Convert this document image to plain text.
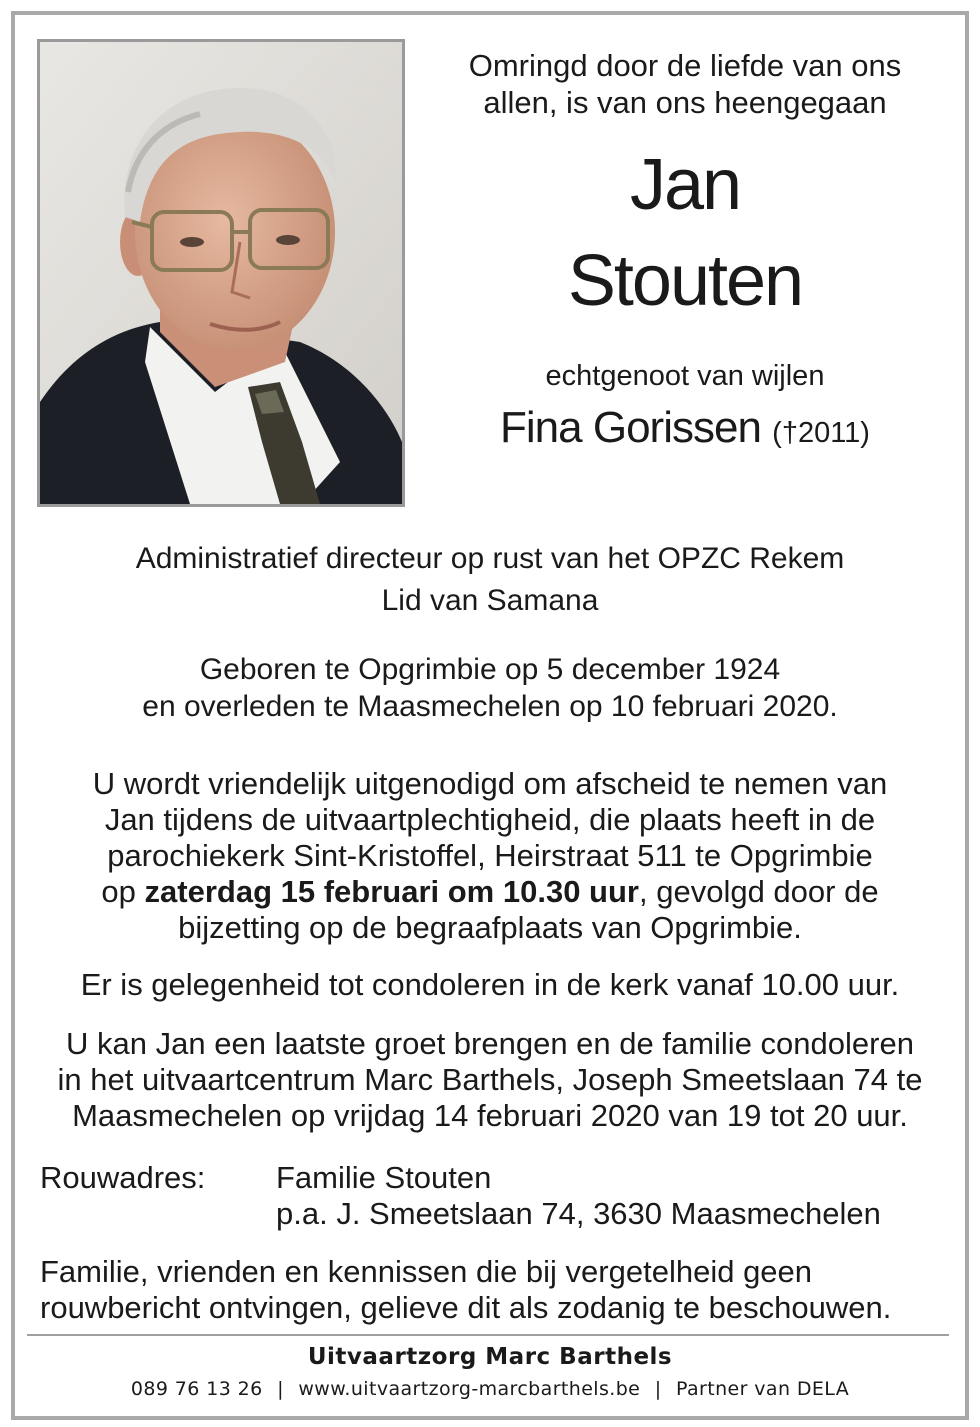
Omringd door de liefde van ons
allen, is van ons heengegaan
Jan
Stouten
echtgenoot van wijlen
Fina Gorissen (†2011)
Administratief directeur op rust van het OPZC Rekem
Lid van Samana
Geboren te Opgrimbie op 5 december 1924
en overleden te Maasmechelen op 10 februari 2020.
U wordt vriendelijk uitgenodigd om afscheid te nemen van
Jan tijdens de uitvaartplechtigheid, die plaats heeft in de
parochiekerk Sint-Kristoffel, Heirstraat 511 te Opgrimbie
op zaterdag 15 februari om 10.30 uur, gevolgd door de
bijzetting op de begraafplaats van Opgrimbie.
Er is gelegenheid tot condoleren in de kerk vanaf 10.00 uur.
U kan Jan een laatste groet brengen en de familie condoleren
in het uitvaartcentrum Marc Barthels, Joseph Smeetslaan 74 te
Maasmechelen op vrijdag 14 februari 2020 van 19 tot 20 uur.
Rouwadres: Familie Stouten
p.a. J. Smeetslaan 74, 3630 Maasmechelen
Familie, vrienden en kennissen die bij vergetelheid geen
rouwbericht ontvingen, gelieve dit als zodanig te beschouwen.
Uitvaartzorg Marc Barthels
089 76 13 26 | www.uitvaartzorg-marcbarthels.be | Partner van DELA
